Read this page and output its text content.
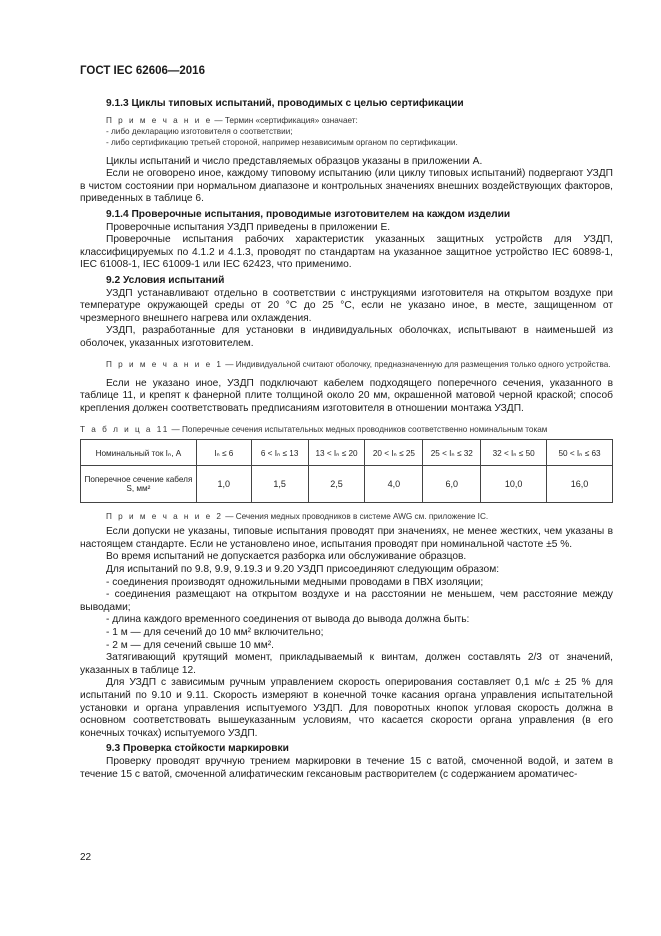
ГОСТ IEC 62606—2016

9.1.3 Циклы типовых испытаний, проводимых с целью сертификации

П р и м е ч а н и е — Термин «сертификация» означает:
- либо декларацию изготовителя о соответствии;
- либо сертификацию третьей стороной, например независимым органом по сертификации.

Циклы испытаний и число представляемых образцов указаны в приложении А.

Если не оговорено иное, каждому типовому испытанию (или циклу типовых испытаний) подвергают УЗДП в чистом состоянии при нормальном диапазоне и контрольных значениях внешних воздействующих факторов, приведенных в таблице 6.

9.1.4 Проверочные испытания, проводимые изготовителем на каждом изделии

Проверочные испытания УЗДП приведены в приложении Е.

Проверочные испытания рабочих характеристик указанных защитных устройств для УЗДП, классифицируемых по 4.1.2 и 4.1.3, проводят по стандартам на указанное защитное устройство IEC 60898-1, IEC 61008-1, IEC 61009-1 или IEC 62423, что применимо.

9.2 Условия испытаний

УЗДП устанавливают отдельно в соответствии с инструкциями изготовителя на открытом воздухе при температуре окружающей среды от 20 °С до 25 °С, если не указано иное, в месте, защищенном от чрезмерного внешнего нагрева или охлаждения.

УЗДП, разработанные для установки в индивидуальных оболочках, испытывают в наименьшей из оболочек, указанных изготовителем.

П р и м е ч а н и е 1 — Индивидуальной считают оболочку, предназначенную для размещения только одного устройства.

Если не указано иное, УЗДП подключают кабелем подходящего поперечного сечения, указанного в таблице 11, и крепят к фанерной плите толщиной около 20 мм, окрашенной матовой черной краской; способ крепления должен соответствовать предписаниям изготовителя в отношении монтажа УЗДП.

Т а б л и ц а 11 — Поперечные сечения испытательных медных проводников соответственно номинальным токам
Номинальный ток Iₙ, А	Iₙ ≤ 6	6 < Iₙ ≤ 13	13 < Iₙ ≤ 20	20 < Iₙ ≤ 25	25 < Iₙ ≤ 32	32 < Iₙ ≤ 50	50 < Iₙ ≤ 63
Поперечное сечение кабеля S, мм²	1,0	1,5	2,5	4,0	6,0	10,0	16,0
П р и м е ч а н и е 2 — Сечения медных проводников в системе AWG см. приложение IC.

Если допуски не указаны, типовые испытания проводят при значениях, не менее жестких, чем указаны в настоящем стандарте. Если не установлено иное, испытания проводят при номинальной частоте ±5 %.

Во время испытаний не допускается разборка или обслуживание образцов.

Для испытаний по 9.8, 9.9, 9.19.3 и 9.20 УЗДП присоединяют следующим образом:

- соединения производят одножильными медными проводами в ПВХ изоляции;

- соединения размещают на открытом воздухе и на расстоянии не меньшем, чем расстояние между выводами;

- длина каждого временного соединения от вывода до вывода должна быть:

- 1 м — для сечений до 10 мм² включительно;

- 2 м — для сечений свыше 10 мм².

Затягивающий крутящий момент, прикладываемый к винтам, должен составлять 2/3 от значений, указанных в таблице 12.

Для УЗДП с зависимым ручным управлением скорость оперирования составляет 0,1 м/с ± 25 % для испытаний по 9.10 и 9.11. Скорость измеряют в конечной точке касания органа управления испытательной установки и органа управления испытуемого УЗДП. Для поворотных кнопок угловая скорость должна в основном соответствовать вышеуказанным условиям, что касается скорости органа управления (в его конечных точках) испытуемого УЗДП.

9.3 Проверка стойкости маркировки

Проверку проводят вручную трением маркировки в течение 15 с ватой, смоченной водой, и затем в течение 15 с ватой, смоченной алифатическим гексановым растворителем (с содержанием ароматичес-

22
